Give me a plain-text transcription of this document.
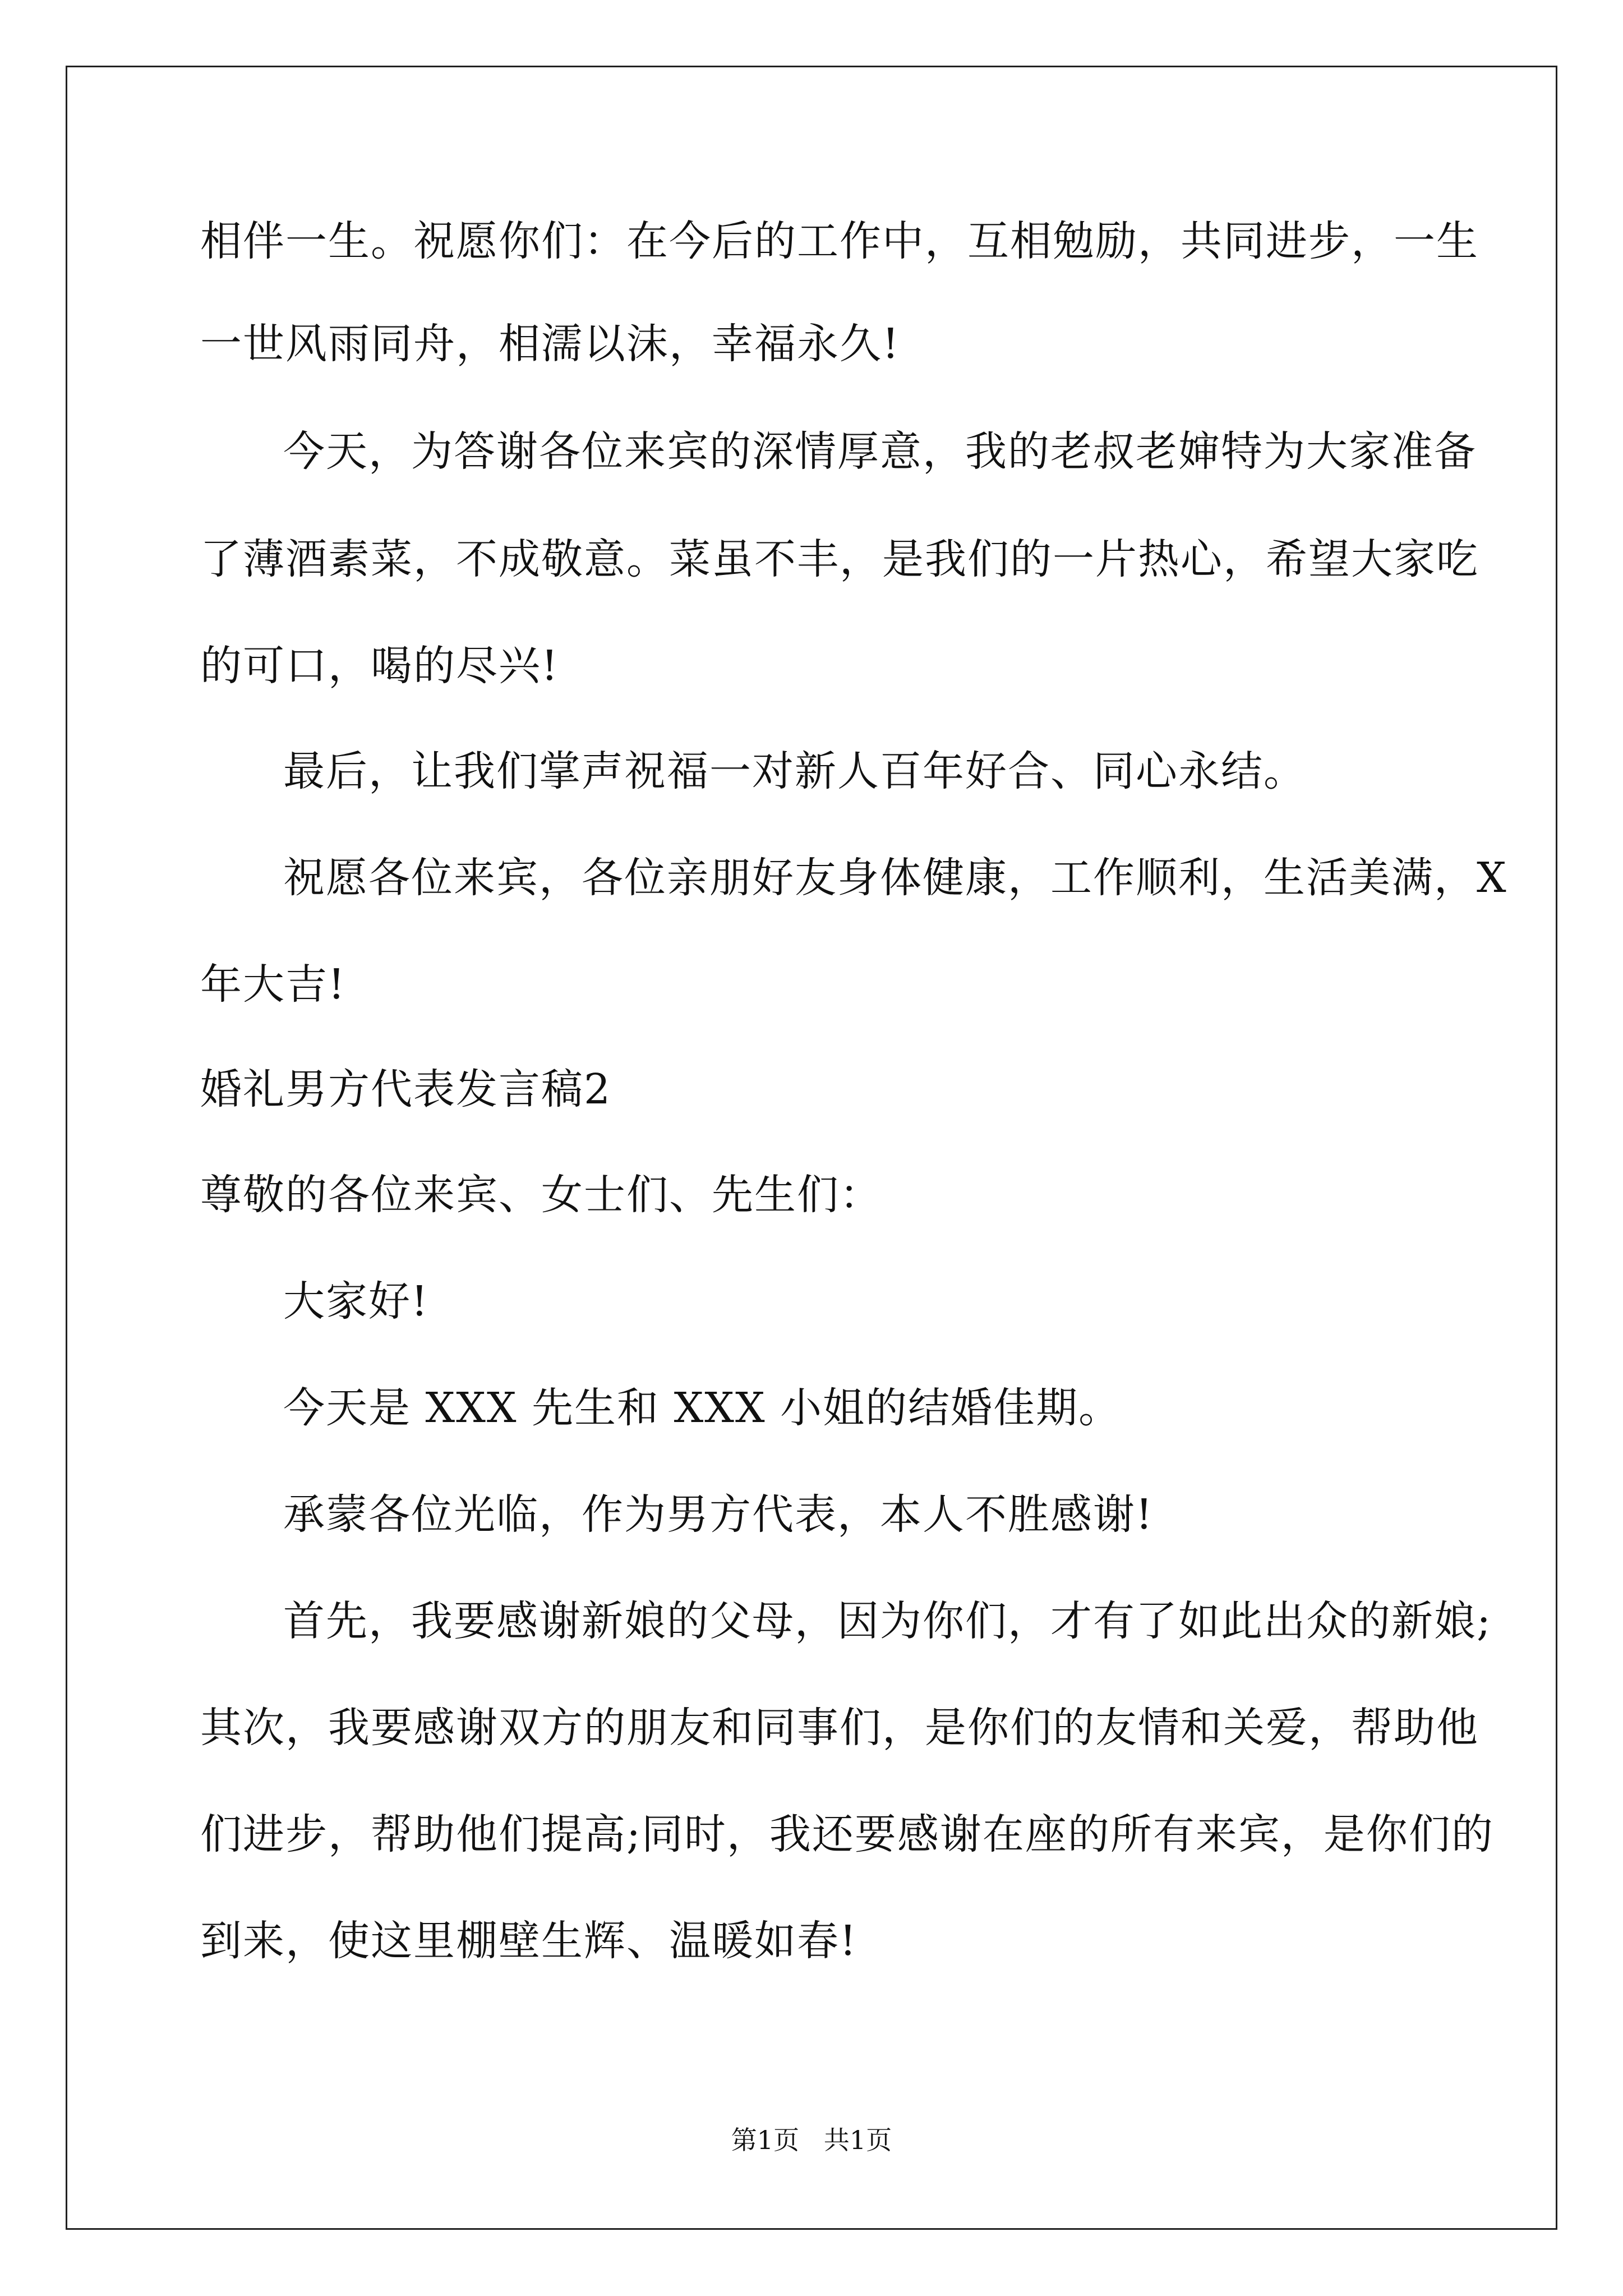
相伴一生。祝愿你们：在今后的工作中，互相勉励，共同进步，一生
一世风雨同舟，相濡以沫，幸福永久!
今天，为答谢各位来宾的深情厚意，我的老叔老婶特为大家准备
了薄酒素菜，不成敬意。菜虽不丰，是我们的一片热心，希望大家吃
的可口，喝的尽兴!
最后，让我们掌声祝福一对新人百年好合、同心永结。
祝愿各位来宾，各位亲朋好友身体健康，工作顺利，生活美满，X
年大吉!
婚礼男方代表发言稿2
尊敬的各位来宾、女士们、先生们：
大家好!
今天是 XXX 先生和 XXX 小姐的结婚佳期。
承蒙各位光临，作为男方代表，本人不胜感谢!
首先，我要感谢新娘的父母，因为你们，才有了如此出众的新娘;
其次，我要感谢双方的朋友和同事们，是你们的友情和关爱，帮助他
们进步，帮助他们提高;同时，我还要感谢在座的所有来宾，是你们的
到来，使这里棚壁生辉、温暖如春!
第1页   共1页
